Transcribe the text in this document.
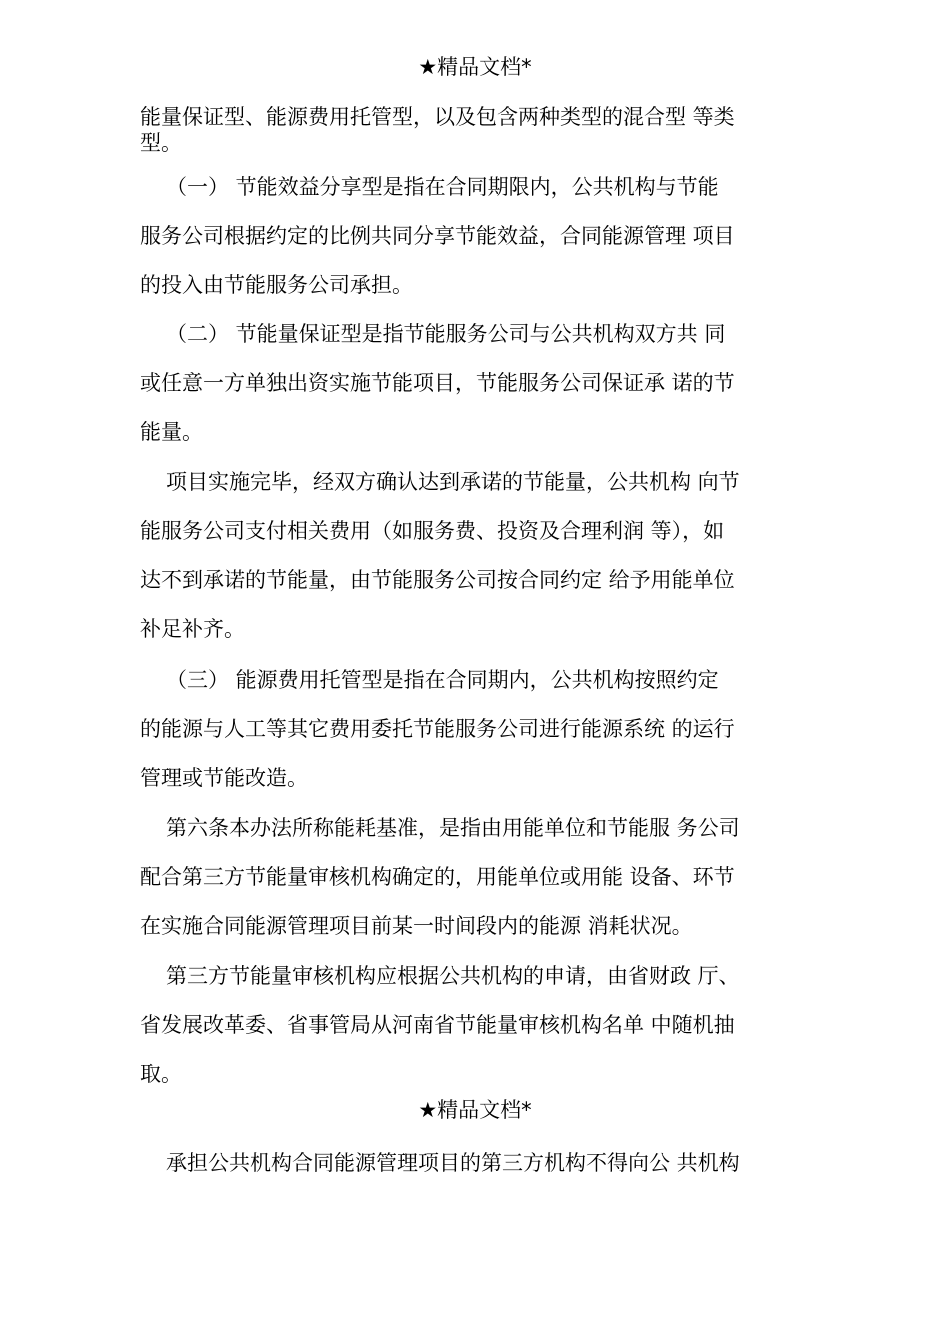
★精品文档*
能量保证型、能源费用托管型，以及包含两种类型的混合型 等类
型。
（一） 节能效益分享型是指在合同期限内，公共机构与节能
服务公司根据约定的比例共同分享节能效益，合同能源管理 项目
的投入由节能服务公司承担。
（二） 节能量保证型是指节能服务公司与公共机构双方共 同
或任意一方单独出资实施节能项目，节能服务公司保证承 诺的节
能量。
项目实施完毕，经双方确认达到承诺的节能量，公共机构 向节
能服务公司支付相关费用（如服务费、投资及合理利润 等），如
达不到承诺的节能量，由节能服务公司按合同约定 给予用能单位
补足补齐。
（三） 能源费用托管型是指在合同期内，公共机构按照约定
的能源与人工等其它费用委托节能服务公司进行能源系统 的运行
管理或节能改造。
第六条本办法所称能耗基准，是指由用能单位和节能服 务公司
配合第三方节能量审核机构确定的，用能单位或用能 设备、环节
在实施合同能源管理项目前某一时间段内的能源 消耗状况。
第三方节能量审核机构应根据公共机构的申请，由省财政 厅、
省发展改革委、省事管局从河南省节能量审核机构名单 中随机抽
取。
★精品文档*
承担公共机构合同能源管理项目的第三方机构不得向公 共机构
